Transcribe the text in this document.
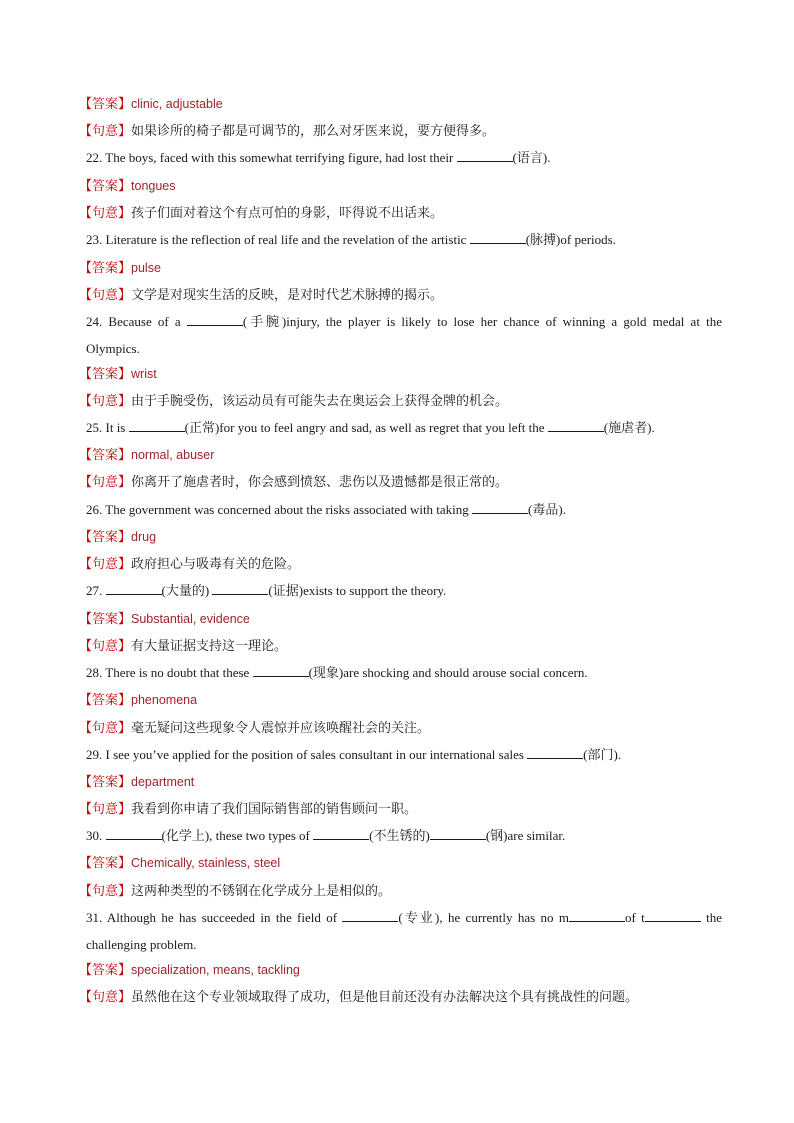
【答案】clinic, adjustable
【句意】如果诊所的椅子都是可调节的，那么对牙医来说，要方便得多。
22. The boys, faced with this somewhat terrifying figure, had lost their	(语言).
【答案】tongues
【句意】孩子们面对着这个有点可怕的身影，吓得说不出话来。
23. Literature is the reflection of real life and the revelation of the artistic	(脉搏)of periods.
【答案】pulse
【句意】文学是对现实生活的反映，是对时代艺术脉搏的揭示。
24. Because of a	(手腕)injury, the player is likely to lose her chance of winning a gold medal at the
Olympics.
【答案】wrist
【句意】由于手腕受伤，该运动员有可能失去在奥运会上获得金牌的机会。
25. It is	(正常)for you to feel angry and sad, as well as regret that you left the	(施虐者).
【答案】normal, abuser
【句意】你离开了施虐者时，你会感到愤怒、悲伤以及遗憾都是很正常的。
26. The government was concerned about the risks associated with taking	(毒品).
【答案】drug
【句意】政府担心与吸毒有关的危险。
27.	(大量的)	(证据)exists to support the theory.
【答案】Substantial, evidence
【句意】有大量证据支持这一理论。
28. There is no doubt that these	(现象)are shocking and should arouse social concern.
【答案】phenomena
【句意】毫无疑问这些现象令人震惊并应该唤醒社会的关注。
29. I see you’ve applied for the position of sales consultant in our international sales	(部门).
【答案】department
【句意】我看到你申请了我们国际销售部的销售顾问一职。
30.	(化学上), these two types of	(不生锈的)	(钢)are similar.
【答案】Chemically, stainless, steel
【句意】这两种类型的不锈钢在化学成分上是相似的。
31. Although he has succeeded in the field of	(专业), he currently has no m	of t	the
challenging problem.
【答案】specialization, means, tackling
【句意】虽然他在这个专业领域取得了成功，但是他目前还没有办法解决这个具有挑战性的问题。
